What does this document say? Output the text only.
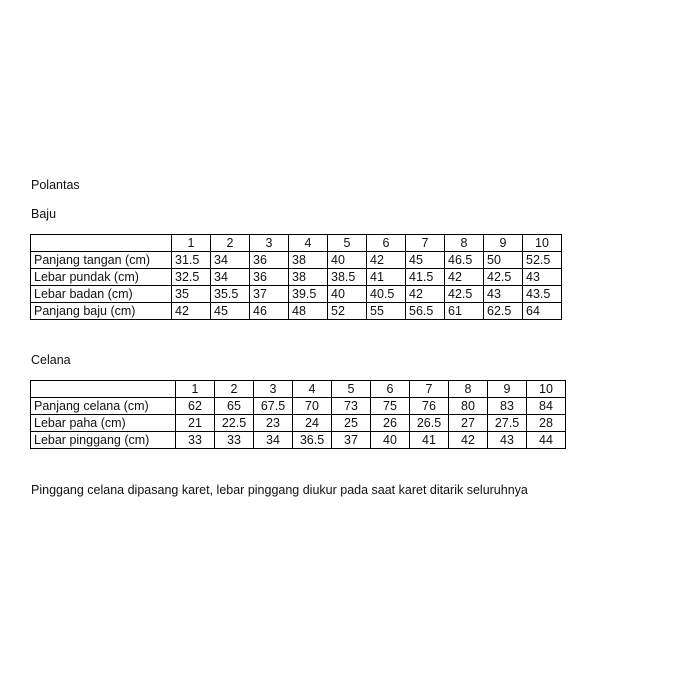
Polantas
Baju
	1	2	3	4	5	6	7	8	9	10
Panjang tangan (cm)	31.5	34	36	38	40	42	45	46.5	50	52.5
Lebar pundak (cm)	32.5	34	36	38	38.5	41	41.5	42	42.5	43
Lebar badan (cm)	35	35.5	37	39.5	40	40.5	42	42.5	43	43.5
Panjang baju (cm)	42	45	46	48	52	55	56.5	61	62.5	64
Celana
	1	2	3	4	5	6	7	8	9	10
Panjang celana (cm)	62	65	67.5	70	73	75	76	80	83	84
Lebar paha (cm)	21	22.5	23	24	25	26	26.5	27	27.5	28
Lebar pinggang (cm)	33	33	34	36.5	37	40	41	42	43	44
Pinggang celana dipasang karet, lebar pinggang diukur pada saat karet ditarik seluruhnya
